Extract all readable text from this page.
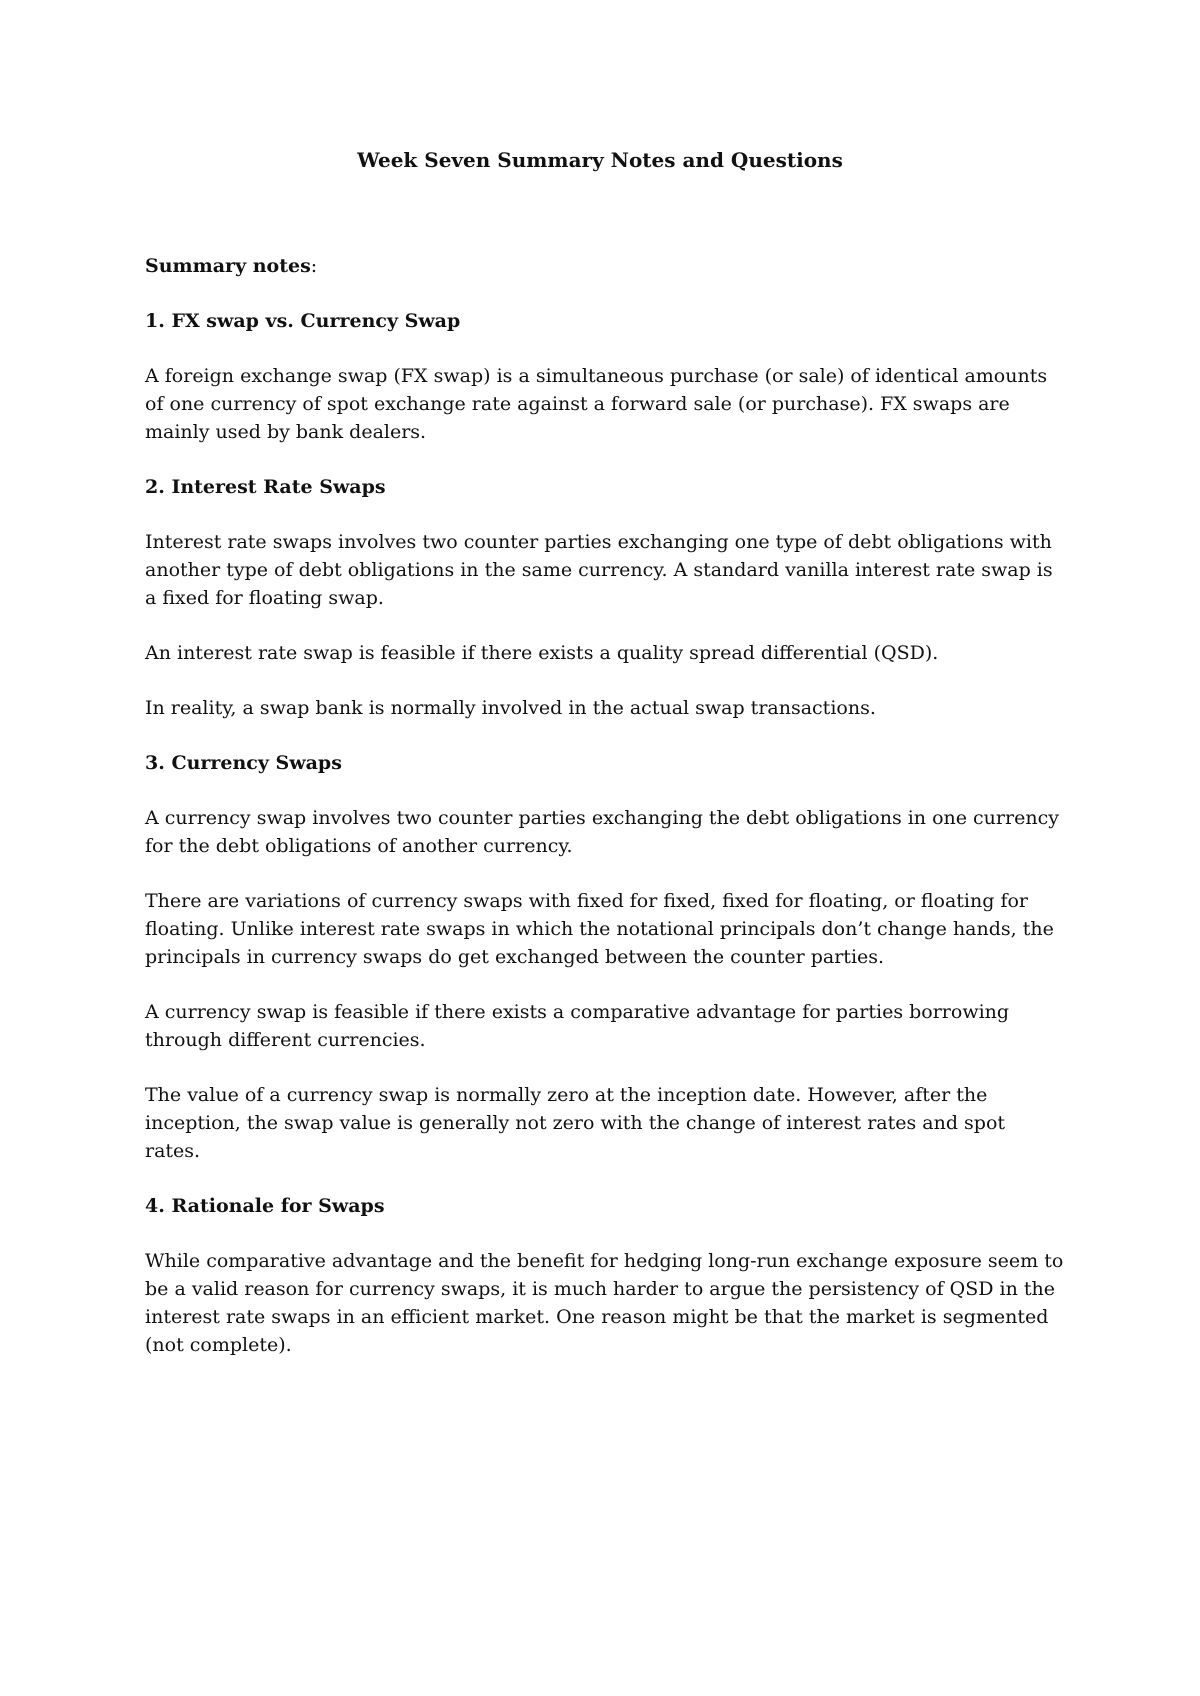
Week Seven Summary Notes and Questions

Summary notes:

1. FX swap vs. Currency Swap

A foreign exchange swap (FX swap) is a simultaneous purchase (or sale) of identical amounts of one currency of spot exchange rate against a forward sale (or purchase). FX swaps are mainly used by bank dealers.

2. Interest Rate Swaps

Interest rate swaps involves two counter parties exchanging one type of debt obligations with another type of debt obligations in the same currency. A standard vanilla interest rate swap is a fixed for floating swap.

An interest rate swap is feasible if there exists a quality spread differential (QSD).

In reality, a swap bank is normally involved in the actual swap transactions.

3. Currency Swaps

A currency swap involves two counter parties exchanging the debt obligations in one currency for the debt obligations of another currency.

There are variations of currency swaps with fixed for fixed, fixed for floating, or floating for floating. Unlike interest rate swaps in which the notational principals don’t change hands, the principals in currency swaps do get exchanged between the counter parties.

A currency swap is feasible if there exists a comparative advantage for parties borrowing through different currencies.

The value of a currency swap is normally zero at the inception date. However, after the inception, the swap value is generally not zero with the change of interest rates and spot rates.

4. Rationale for Swaps

While comparative advantage and the benefit for hedging long-run exchange exposure seem to be a valid reason for currency swaps, it is much harder to argue the persistency of QSD in the interest rate swaps in an efficient market. One reason might be that the market is segmented (not complete).
